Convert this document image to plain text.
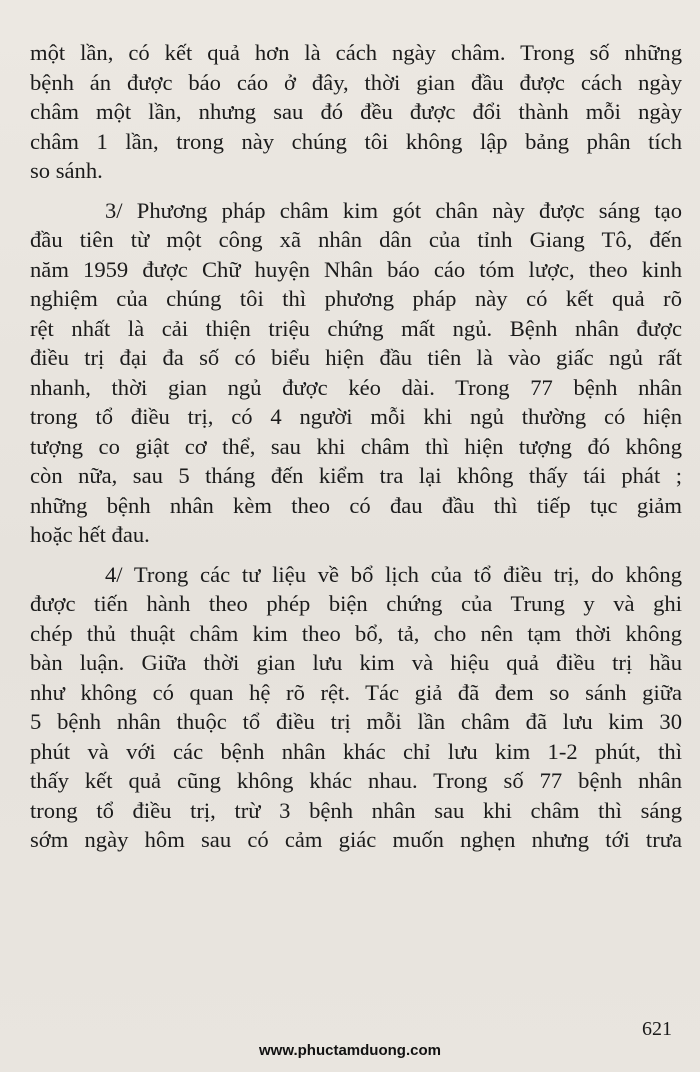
một lần, có kết quả hơn là cách ngày châm. Trong số những
bệnh án được báo cáo ở đây, thời gian đầu được cách ngày
châm một lần, nhưng sau đó đều được đổi thành mỗi ngày
châm 1 lần, trong này chúng tôi không lập bảng phân tích
so sánh.
3/ Phương pháp châm kim gót chân này được sáng tạo
đầu tiên từ một công xã nhân dân của tỉnh Giang Tô, đến
năm 1959 được Chữ huyện Nhân báo cáo tóm lược, theo kinh
nghiệm của chúng tôi thì phương pháp này có kết quả rõ
rệt nhất là cải thiện triệu chứng mất ngủ. Bệnh nhân được
điều trị đại đa số có biểu hiện đầu tiên là vào giấc ngủ rất
nhanh, thời gian ngủ được kéo dài. Trong 77 bệnh nhân
trong tổ điều trị, có 4 người mỗi khi ngủ thường có hiện
tượng co giật cơ thể, sau khi châm thì hiện tượng đó không
còn nữa, sau 5 tháng đến kiểm tra lại không thấy tái phát ;
những bệnh nhân kèm theo có đau đầu thì tiếp tục giảm
hoặc hết đau.
4/ Trong các tư liệu về bổ lịch của tổ điều trị, do không
được tiến hành theo phép biện chứng của Trung y và ghi
chép thủ thuật châm kim theo bổ, tả, cho nên tạm thời không
bàn luận. Giữa thời gian lưu kim và hiệu quả điều trị hầu
như không có quan hệ rõ rệt. Tác giả đã đem so sánh giữa
5 bệnh nhân thuộc tổ điều trị mỗi lần châm đã lưu kim 30
phút và với các bệnh nhân khác chỉ lưu kim 1-2 phút, thì
thấy kết quả cũng không khác nhau. Trong số 77 bệnh nhân
trong tổ điều trị, trừ 3 bệnh nhân sau khi châm thì sáng
sớm ngày hôm sau có cảm giác muốn nghẹn nhưng tới trưa
621
www.phuctamduong.com
